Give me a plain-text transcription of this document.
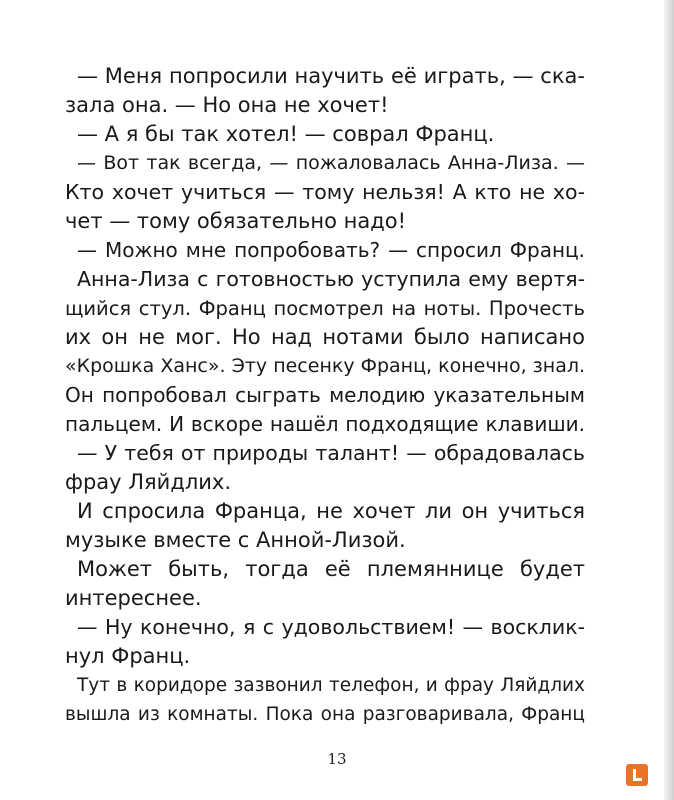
— Меня попросили научить её играть, — ска-
зала она. — Но она не хочет!
— А я бы так хотел! — соврал Франц.
— Вот так всегда, — пожаловалась Анна-Лиза. —
Кто хочет учиться — тому нельзя! А кто не хо-
чет — тому обязательно надо!
— Можно мне попробовать? — спросил Франц.
Анна-Лиза с готовностью уступила ему вертя-
щийся стул. Франц посмотрел на ноты. Прочесть
их он не мог. Но над нотами было написано
«Крошка Ханс». Эту песенку Франц, конечно, знал.
Он попробовал сыграть мелодию указательным
пальцем. И вскоре нашёл подходящие клавиши.
— У тебя от природы талант! — обрадовалась
фрау Ляйдлих.
И спросила Франца, не хочет ли он учиться
музыке вместе с Анной-Лизой.
Может быть, тогда её племяннице будет
интереснее.
— Ну конечно, я с удовольствием! — восклик-
нул Франц.
Тут в коридоре зазвонил телефон, и фрау Ляйдлих
вышла из комнаты. Пока она разговаривала, Франц
13
